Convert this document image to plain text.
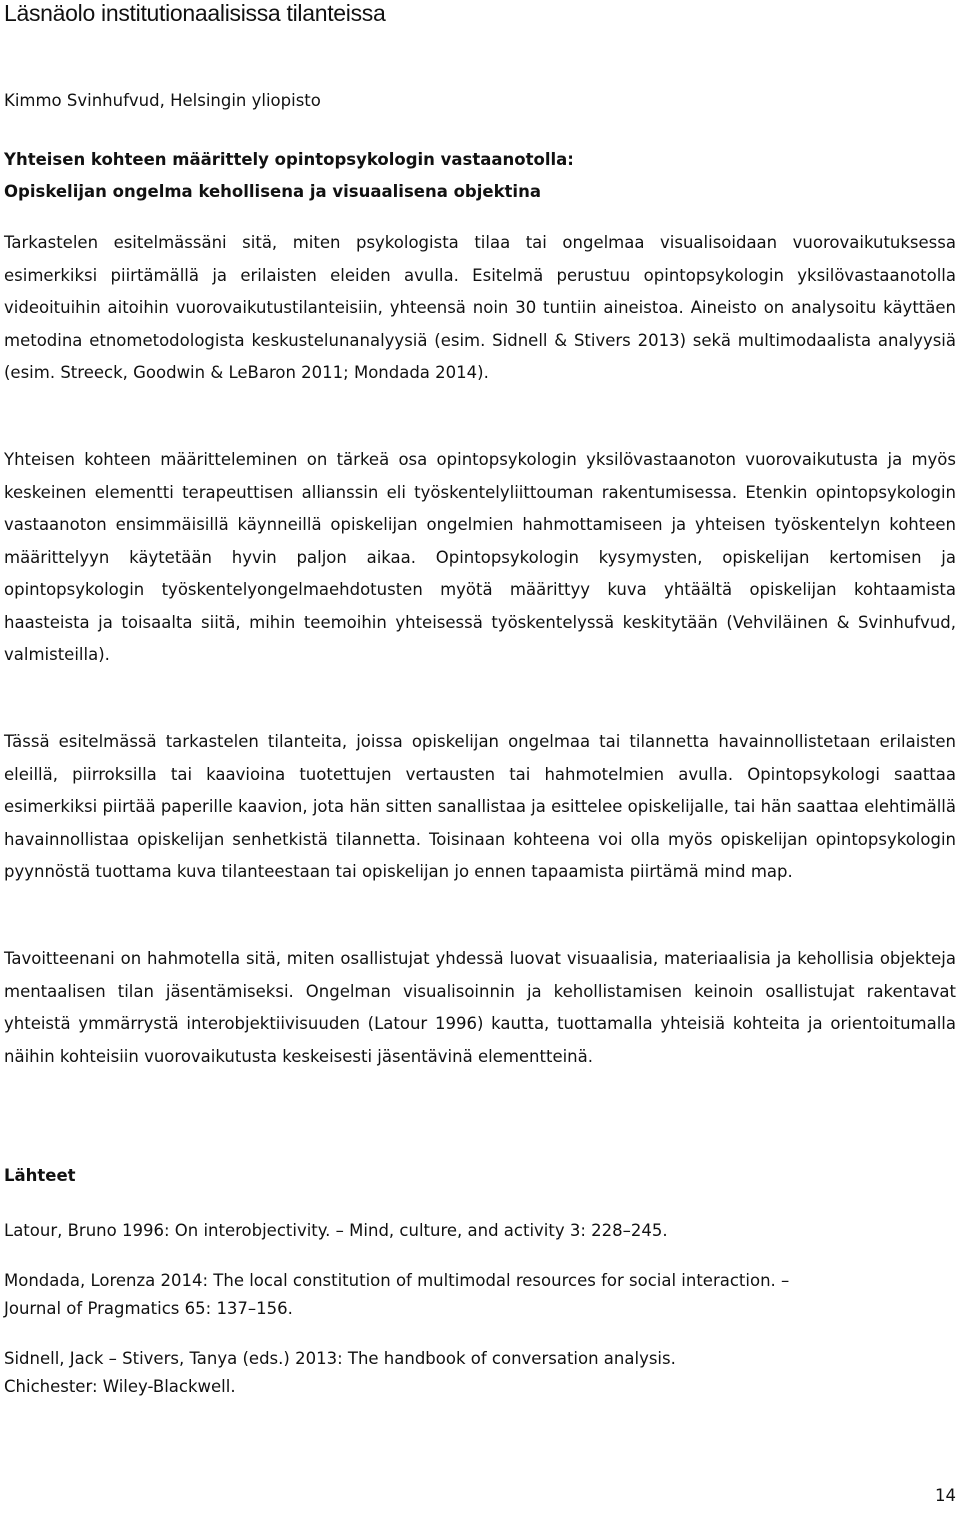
Läsnäolo institutionaalisissa tilanteissa

Kimmo Svinhufvud, Helsingin yliopisto

Yhteisen kohteen määrittely opintopsykologin vastaanotolla:
Opiskelijan ongelma kehollisena ja visuaalisena objektina

Tarkastelen esitelmässäni sitä, miten psykologista tilaa tai ongelmaa visualisoidaan vuorovaikutuksessa esimerkiksi piirtämällä ja erilaisten eleiden avulla. Esitelmä perustuu opintopsykologin yksilövastaanotolla videoituihin aitoihin vuorovaikutustilanteisiin, yhteensä noin 30 tuntiin aineistoa. Aineisto on analysoitu käyttäen metodina etnometodologista keskustelunanalyysiä (esim. Sidnell & Stivers 2013) sekä multimodaalista analyysiä (esim. Streeck, Goodwin & LeBaron 2011; Mondada 2014).

Yhteisen kohteen määritteleminen on tärkeä osa opintopsykologin yksilövastaanoton vuorovaikutusta ja myös keskeinen elementti terapeuttisen allianssin eli työskentelyliittouman rakentumisessa. Etenkin opintopsykologin vastaanoton ensimmäisillä käynneillä opiskelijan ongelmien hahmottamiseen ja yhteisen työskentelyn kohteen määrittelyyn käytetään hyvin paljon aikaa. Opintopsykologin kysymysten, opiskelijan kertomisen ja opintopsykologin työskentelyongelmaehdotusten myötä määrittyy kuva yhtäältä opiskelijan kohtaamista haasteista ja toisaalta siitä, mihin teemoihin yhteisessä työskentelyssä keskitytään (Vehviläinen & Svinhufvud, valmisteilla).

Tässä esitelmässä tarkastelen tilanteita, joissa opiskelijan ongelmaa tai tilannetta havainnollistetaan erilaisten eleillä, piirroksilla tai kaavioina tuotettujen vertausten tai hahmotelmien avulla. Opintopsykologi saattaa esimerkiksi piirtää paperille kaavion, jota hän sitten sanallistaa ja esittelee opiskelijalle, tai hän saattaa elehtimällä havainnollistaa opiskelijan senhetkistä tilannetta. Toisinaan kohteena voi olla myös opiskelijan opintopsykologin pyynnöstä tuottama kuva tilanteestaan tai opiskelijan jo ennen tapaamista piirtämä mind map.

Tavoitteenani on hahmotella sitä, miten osallistujat yhdessä luovat visuaalisia, materiaalisia ja kehollisia objekteja mentaalisen tilan jäsentämiseksi. Ongelman visualisoinnin ja kehollistamisen keinoin osallistujat rakentavat yhteistä ymmärrystä interobjektiivisuuden (Latour 1996) kautta, tuottamalla yhteisiä kohteita ja orientoitumalla näihin kohteisiin vuorovaikutusta keskeisesti jäsentävinä elementteinä.

Lähteet
Latour, Bruno 1996: On interobjectivity. – Mind, culture, and activity 3: 228–245.
Mondada, Lorenza 2014: The local constitution of multimodal resources for social interaction. –
Journal of Pragmatics 65: 137–156.
Sidnell, Jack – Stivers, Tanya (eds.) 2013: The handbook of conversation analysis.
Chichester: Wiley-Blackwell.

14
